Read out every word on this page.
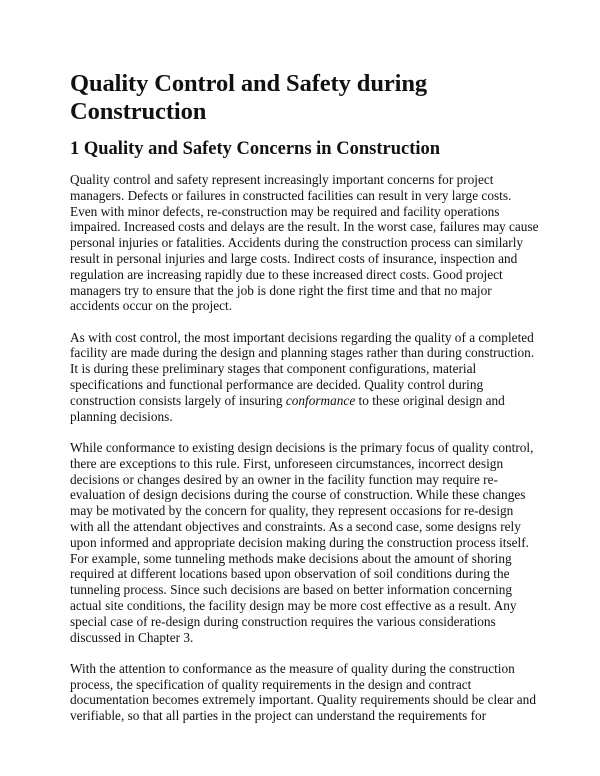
Quality Control and Safety during Construction
1 Quality and Safety Concerns in Construction

Quality control and safety represent increasingly important concerns for project managers. Defects or failures in constructed facilities can result in very large costs. Even with minor defects, re-construction may be required and facility operations impaired. Increased costs and delays are the result. In the worst case, failures may cause personal injuries or fatalities. Accidents during the construction process can similarly result in personal injuries and large costs. Indirect costs of insurance, inspection and regulation are increasing rapidly due to these increased direct costs. Good project managers try to ensure that the job is done right the first time and that no major accidents occur on the project.

As with cost control, the most important decisions regarding the quality of a completed facility are made during the design and planning stages rather than during construction. It is during these preliminary stages that component configurations, material specifications and functional performance are decided. Quality control during construction consists largely of insuring conformance to these original design and planning decisions.

While conformance to existing design decisions is the primary focus of quality control, there are exceptions to this rule. First, unforeseen circumstances, incorrect design decisions or changes desired by an owner in the facility function may require re-evaluation of design decisions during the course of construction. While these changes may be motivated by the concern for quality, they represent occasions for re-design with all the attendant objectives and constraints. As a second case, some designs rely upon informed and appropriate decision making during the construction process itself. For example, some tunneling methods make decisions about the amount of shoring required at different locations based upon observation of soil conditions during the tunneling process. Since such decisions are based on better information concerning actual site conditions, the facility design may be more cost effective as a result. Any special case of re-design during construction requires the various considerations discussed in Chapter 3.

With the attention to conformance as the measure of quality during the construction process, the specification of quality requirements in the design and contract documentation becomes extremely important. Quality requirements should be clear and verifiable, so that all parties in the project can understand the requirements for
